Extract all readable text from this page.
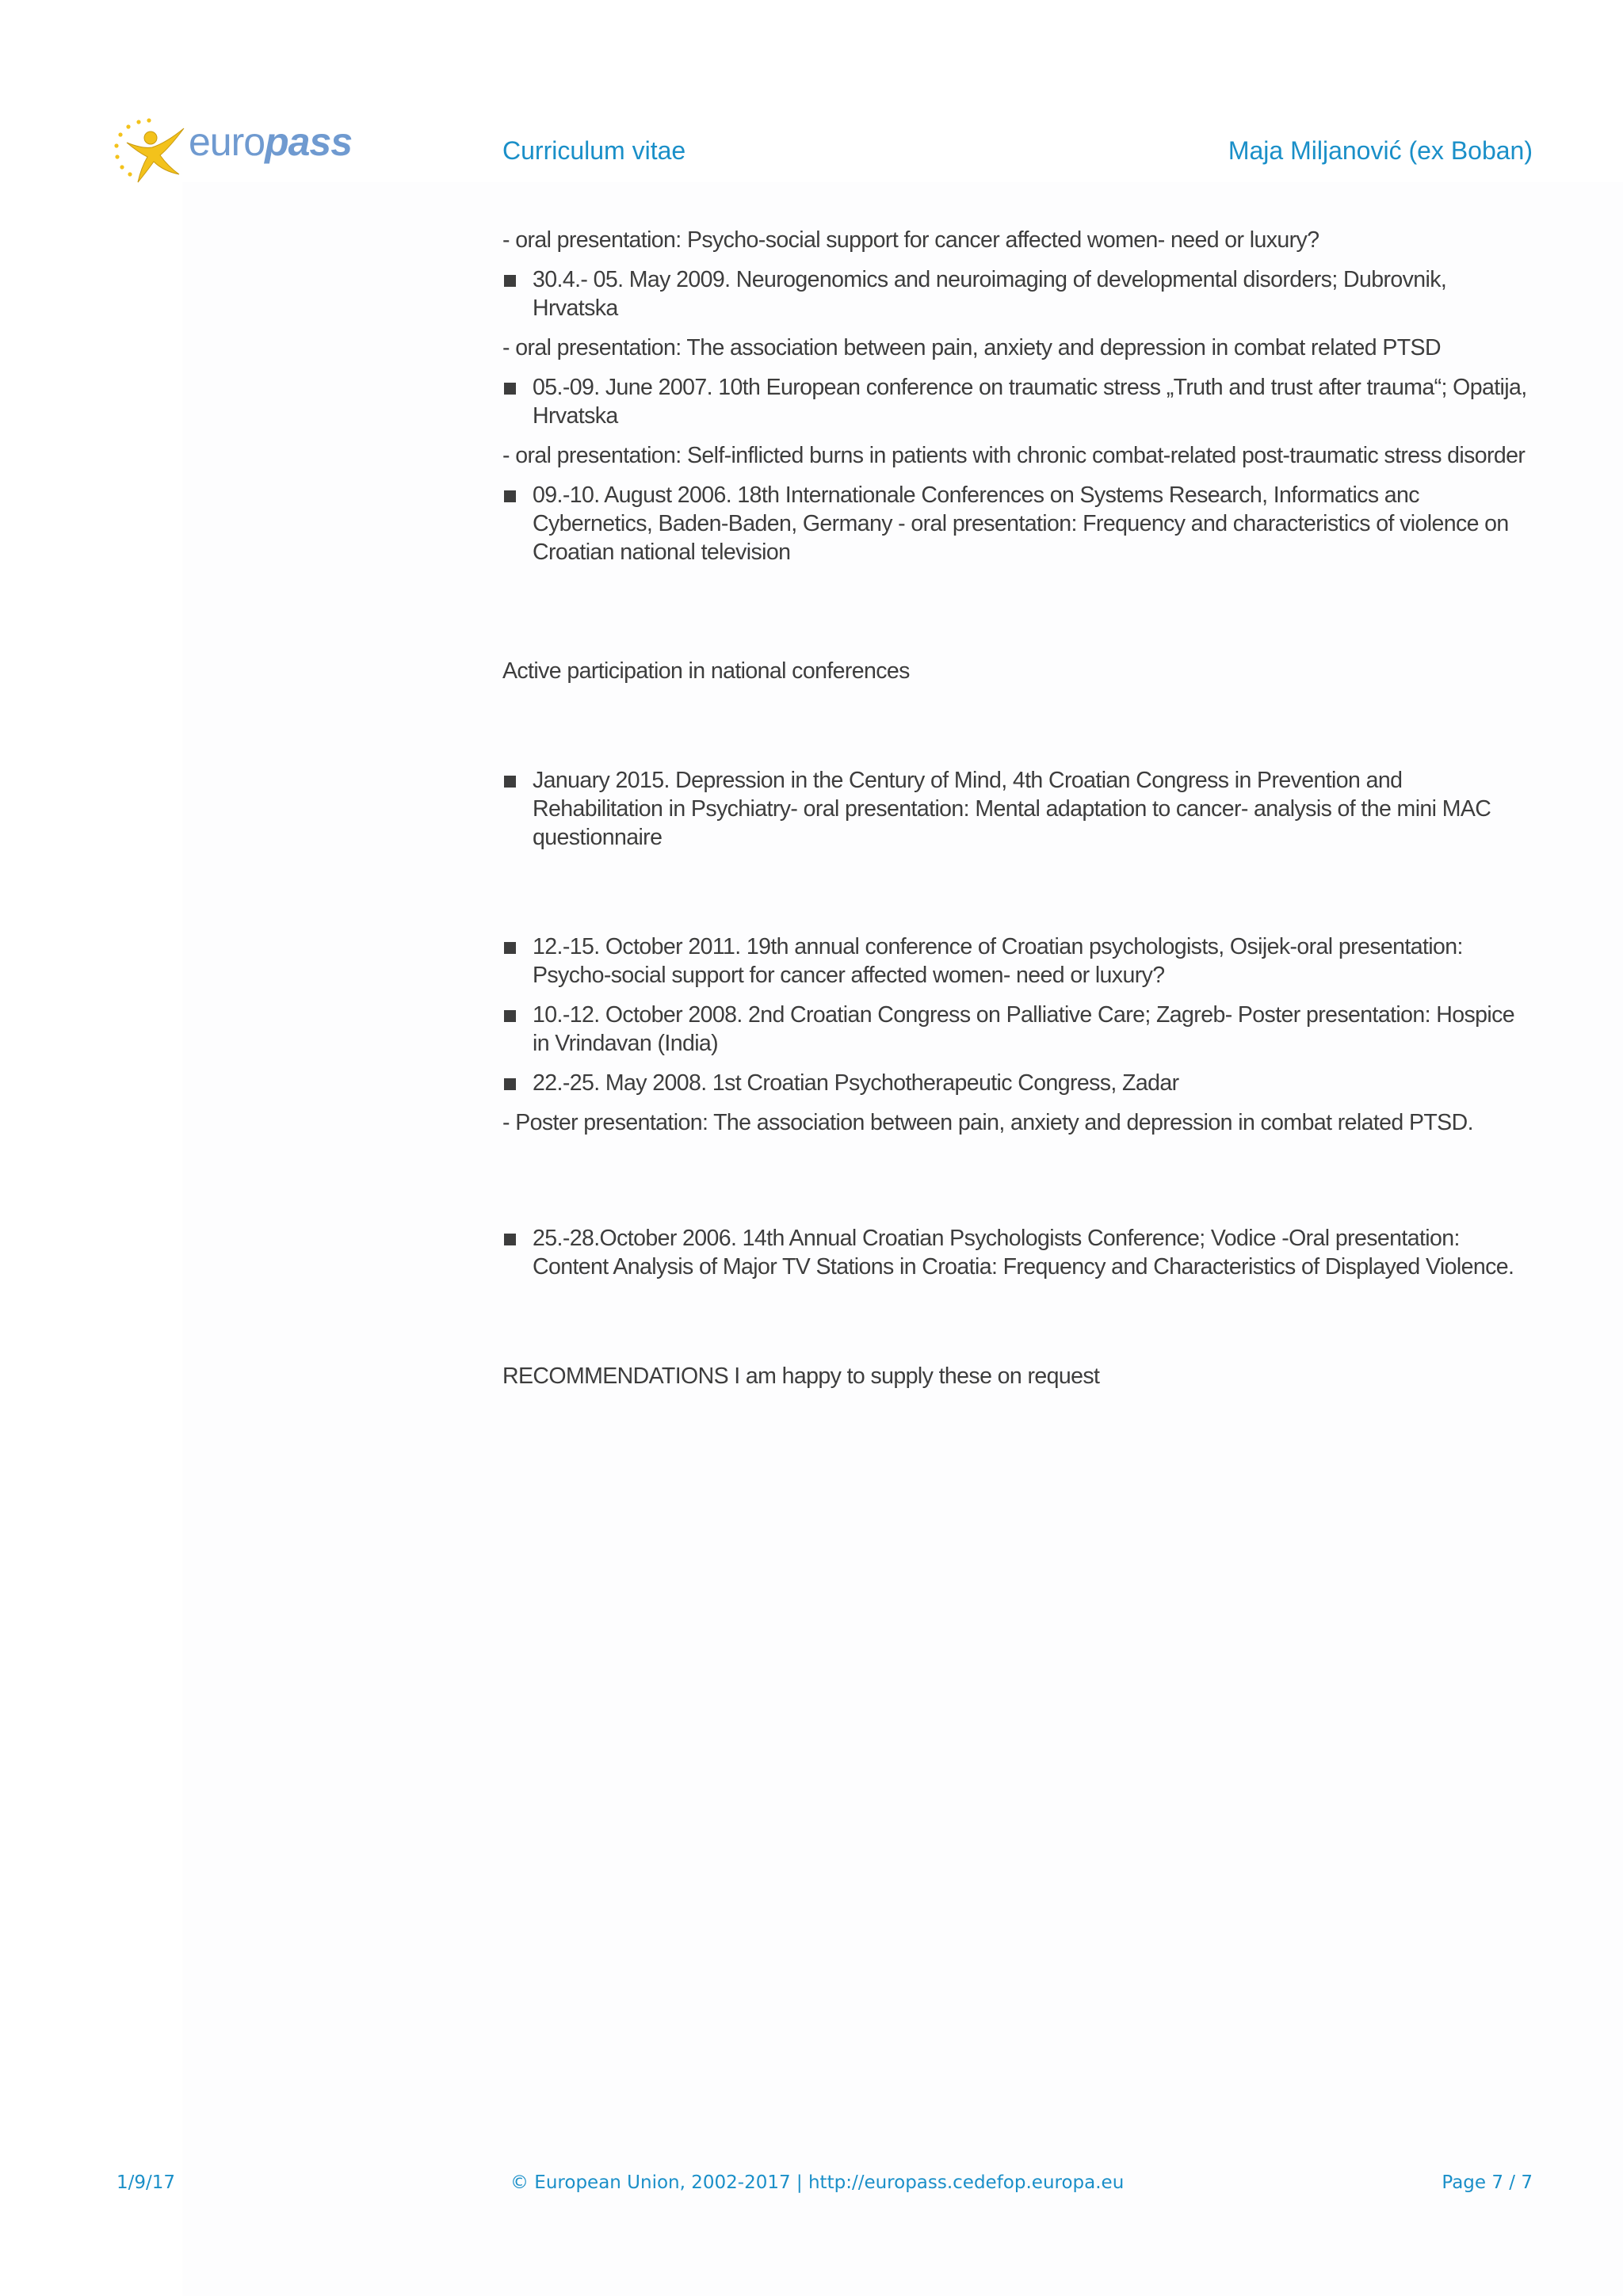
europass	Curriculum vitae	Maja Miljanović (ex Boban)
- oral presentation: Psycho-social support for cancer affected women- need or luxury?
30.4.- 05. May 2009. Neurogenomics and neuroimaging of developmental disorders; Dubrovnik, Hrvatska
- oral presentation: The association between pain, anxiety and depression in combat related PTSD
05.-09. June 2007. 10th European conference on traumatic stress „Truth and trust after trauma“; Opatija, Hrvatska
- oral presentation: Self-inflicted burns in patients with chronic combat-related post-traumatic stress disorder
09.-10. August 2006. 18th Internationale Conferences on Systems Research, Informatics anc Cybernetics, Baden-Baden, Germany - oral presentation: Frequency and characteristics of violence on Croatian national television
Active participation in national conferences
January 2015. Depression in the Century of Mind, 4th Croatian Congress in Prevention and Rehabilitation in Psychiatry- oral presentation: Mental adaptation to cancer- analysis of the mini MAC questionnaire
12.-15. October 2011. 19th annual conference of Croatian psychologists, Osijek-oral presentation: Psycho-social support for cancer affected women- need or luxury?
10.-12. October 2008. 2nd Croatian Congress on Palliative Care; Zagreb- Poster presentation: Hospice in Vrindavan (India)
22.-25. May 2008. 1st Croatian Psychotherapeutic Congress, Zadar
- Poster presentation: The association between pain, anxiety and depression in combat related PTSD.
25.-28.October 2006. 14th Annual Croatian Psychologists Conference; Vodice -Oral presentation: Content Analysis of Major TV Stations in Croatia: Frequency and Characteristics of Displayed Violence.
RECOMMENDATIONS I am happy to supply these on request
1/9/17	© European Union, 2002-2017 | http://europass.cedefop.europa.eu	Page 7 / 7
